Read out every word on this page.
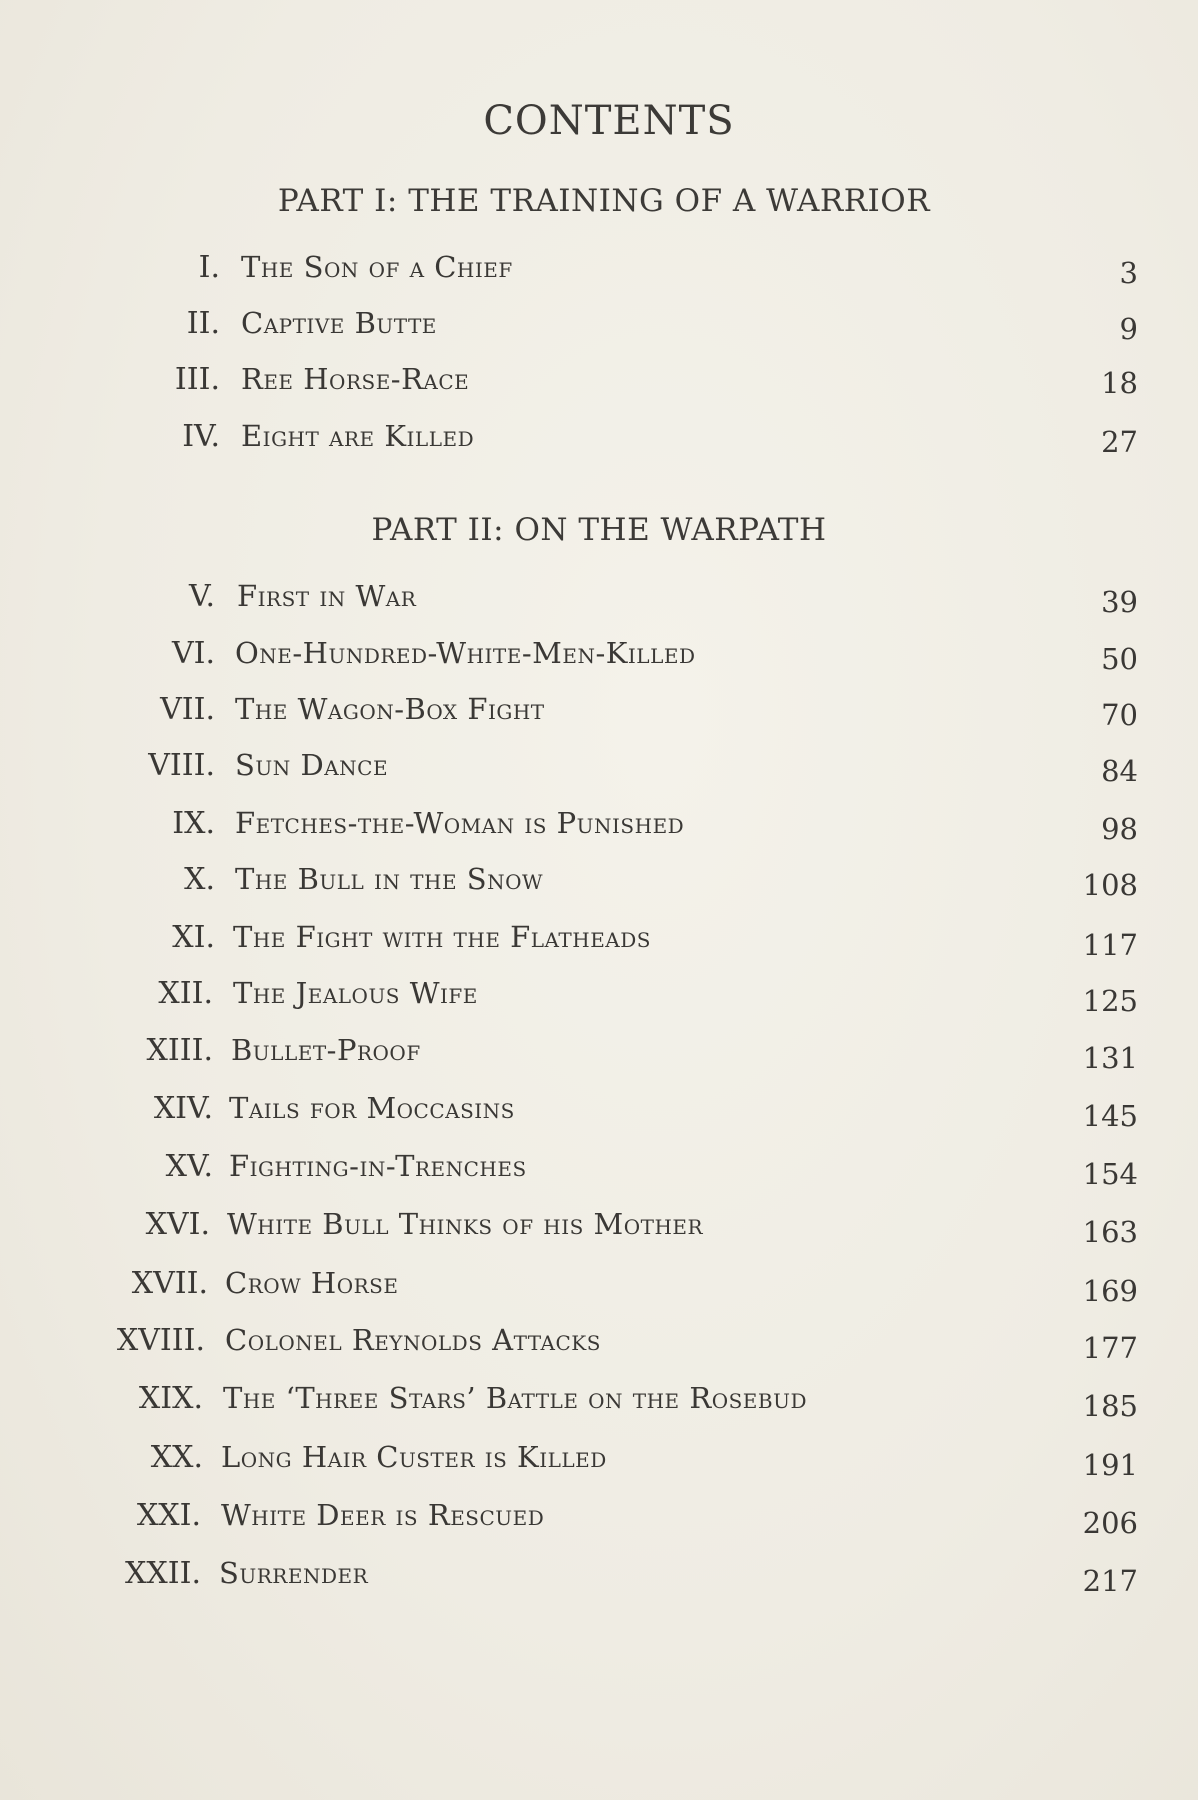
CONTENTS
PART I: THE TRAINING OF A WARRIOR
I. The Son of a Chief	3
II. Captive Butte	9
III. Ree Horse-Race	18
IV. Eight are Killed	27
PART II: ON THE WARPATH
V. First in War	39
VI. One-Hundred-White-Men-Killed	50
VII. The Wagon-Box Fight	70
VIII. Sun Dance	84
IX. Fetches-the-Woman is Punished	98
X. The Bull in the Snow	108
XI. The Fight with the Flatheads	117
XII. The Jealous Wife	125
XIII. Bullet-Proof	131
XIV. Tails for Moccasins	145
XV. Fighting-in-Trenches	154
XVI. White Bull Thinks of his Mother	163
XVII. Crow Horse	169
XVIII. Colonel Reynolds Attacks	177
XIX. The ‘Three Stars’ Battle on the Rosebud	185
XX. Long Hair Custer is Killed	191
XXI. White Deer is Rescued	206
XXII. Surrender	217
